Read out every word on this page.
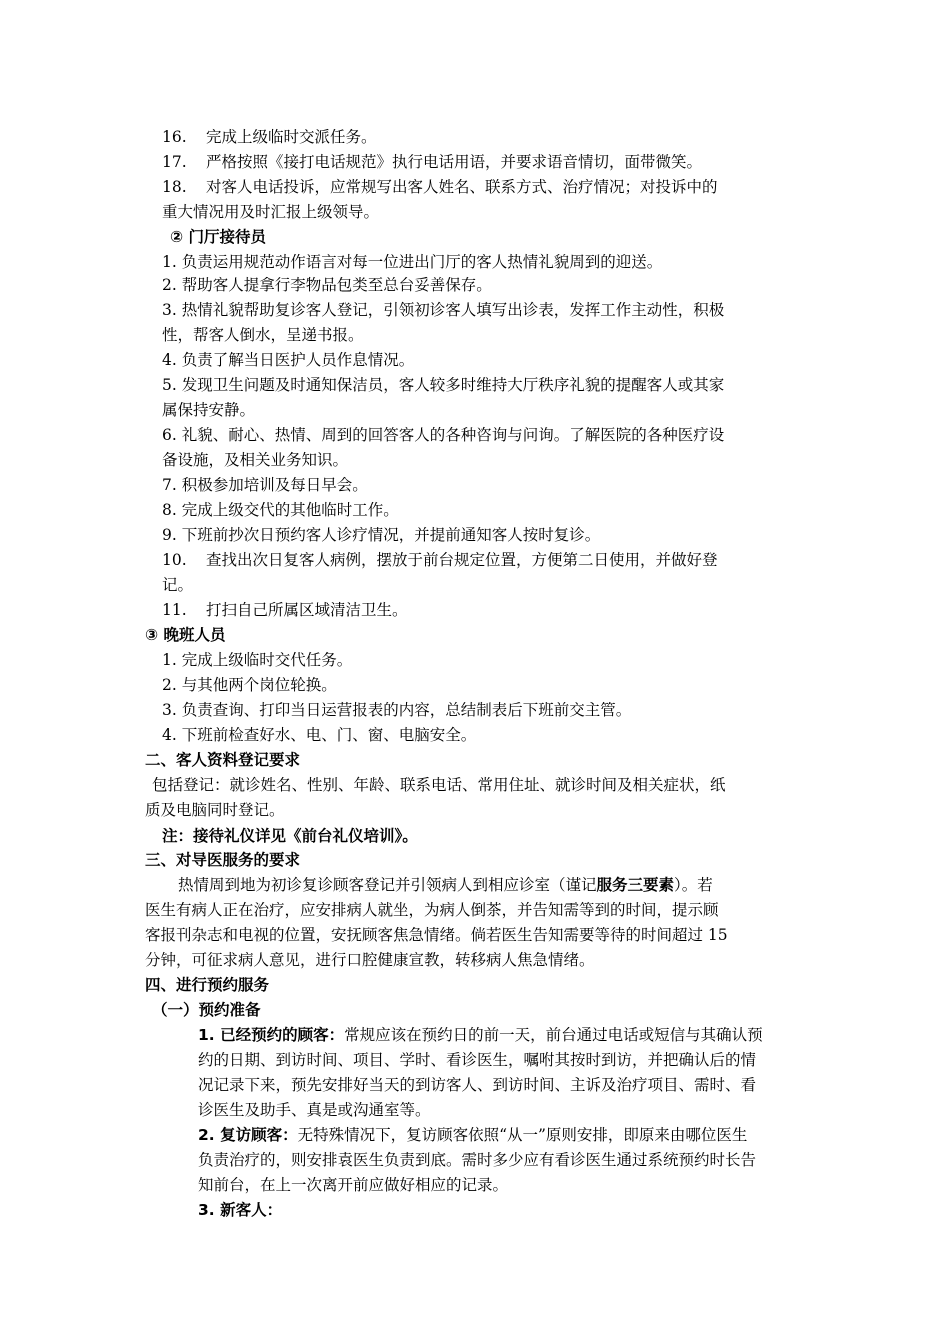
16. 完成上级临时交派任务。
17. 严格按照《接打电话规范》执行电话用语，并要求语音情切，面带微笑。
18. 对客人电话投诉，应常规写出客人姓名、联系方式、治疗情况；对投诉中的
重大情况用及时汇报上级领导。
② 门厅接待员
1. 负责运用规范动作语言对每一位进出门厅的客人热情礼貌周到的迎送。
2. 帮助客人提拿行李物品包类至总台妥善保存。
3. 热情礼貌帮助复诊客人登记，引领初诊客人填写出诊表，发挥工作主动性，积极
性，帮客人倒水，呈递书报。
4. 负责了解当日医护人员作息情况。
5. 发现卫生问题及时通知保洁员，客人较多时维持大厅秩序礼貌的提醒客人或其家
属保持安静。
6. 礼貌、耐心、热情、周到的回答客人的各种咨询与问询。了解医院的各种医疗设
备设施，及相关业务知识。
7. 积极参加培训及每日早会。
8. 完成上级交代的其他临时工作。
9. 下班前抄次日预约客人诊疗情况，并提前通知客人按时复诊。
10. 查找出次日复客人病例，摆放于前台规定位置，方便第二日使用，并做好登
记。
11. 打扫自己所属区域清洁卫生。
③ 晚班人员
1. 完成上级临时交代任务。
2. 与其他两个岗位轮换。
3. 负责查询、打印当日运营报表的内容，总结制表后下班前交主管。
4. 下班前检查好水、电、门、窗、电脑安全。
二、客人资料登记要求
包括登记：就诊姓名、性别、年龄、联系电话、常用住址、就诊时间及相关症状，纸
质及电脑同时登记。
注：接待礼仪详见《前台礼仪培训》。
三、对导医服务的要求
热情周到地为初诊复诊顾客登记并引领病人到相应诊室（谨记服务三要素）。若
医生有病人正在治疗，应安排病人就坐，为病人倒茶，并告知需等到的时间，提示顾
客报刊杂志和电视的位置，安抚顾客焦急情绪。倘若医生告知需要等待的时间超过 15
分钟，可征求病人意见，进行口腔健康宣教，转移病人焦急情绪。
四、进行预约服务
（一）预约准备
1. 已经预约的顾客：常规应该在预约日的前一天，前台通过电话或短信与其确认预
约的日期、到访时间、项目、学时、看诊医生，嘱咐其按时到访，并把确认后的情
况记录下来，预先安排好当天的到访客人、到访时间、主诉及治疗项目、需时、看
诊医生及助手、真是或沟通室等。
2. 复访顾客：无特殊情况下，复访顾客依照“从一”原则安排，即原来由哪位医生
负责治疗的，则安排袁医生负责到底。需时多少应有看诊医生通过系统预约时长告
知前台，在上一次离开前应做好相应的记录。
3. 新客人：
